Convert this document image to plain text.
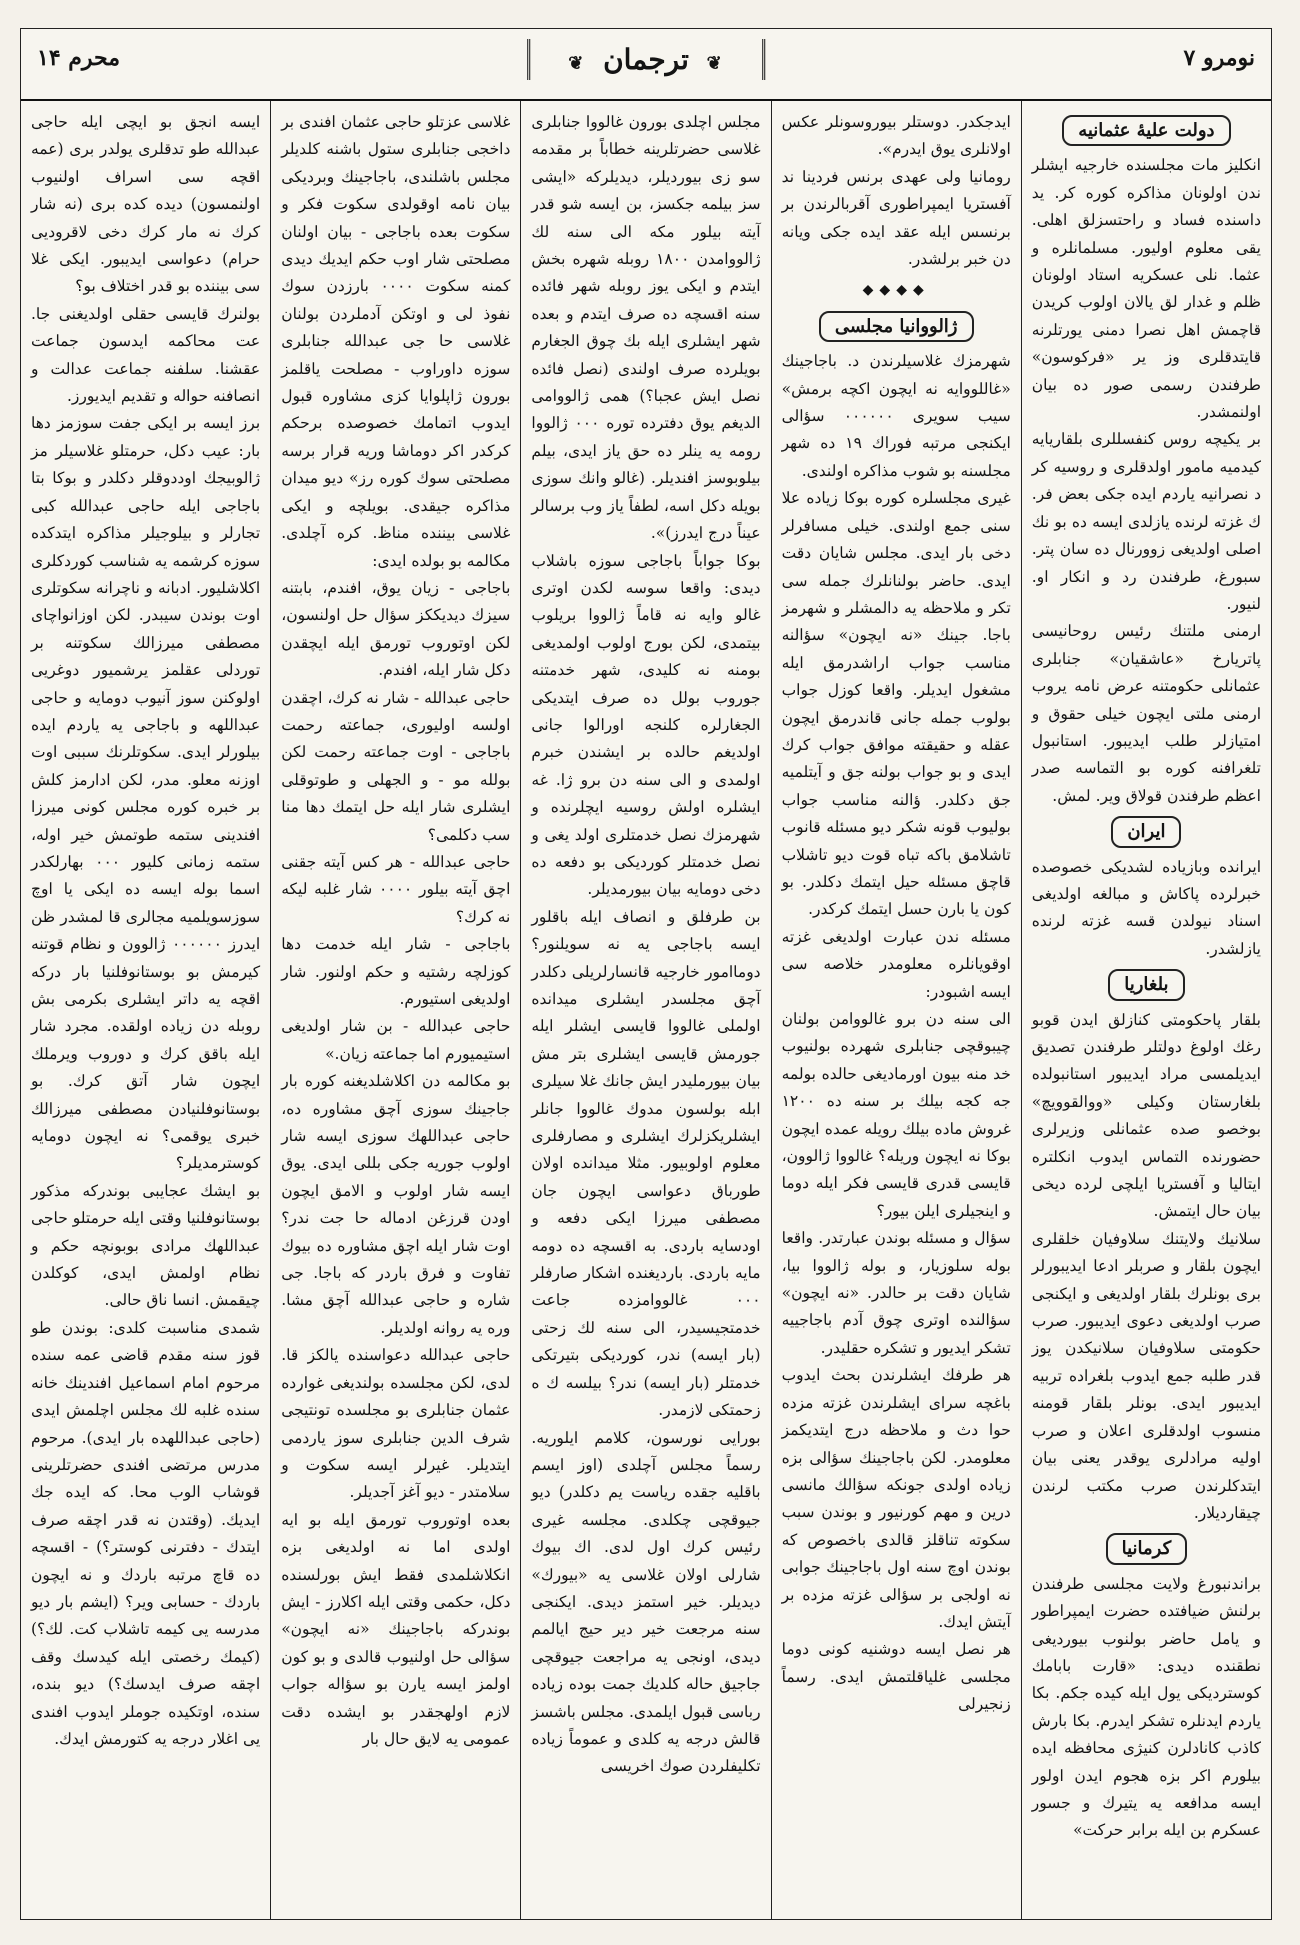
نومرو ۷
❦ ترجمان ❦
۱۴ محرم
دولت علیهٔ عثمانیه

انکلیز مات مجلسنده خارجیه ایشلر ندن اولونان مذاکره کوره کر. ید داسنده فساد و راحتسزلق اهلی. یقی معلوم اولیور. مسلمانلره و عثما. نلی عسکریه استاد اولونان ظلم و غدار لق یالان اولوب کریدن قاچمش اهل نصرا دمنی یورتلرنه قایتدقلری وز یر «فرکوسون» طرفندن رسمی صور ده بیان اولنمشدر.

بر یکیچه روس کنفسللری بلقاریایه کیدمیه مامور اولدقلری و روسیه کر د نصرانیه یاردم ایده جکی بعض فر. ك غزته لرنده یازلدی ایسه ده بو نك اصلی اولدیغی زوورنال ده سان پتر. سبورغ، طرفندن رد و انکار او. لنیور.

ارمنی ملتنك رئیس روحانیسی پاتریارخ «عاشقیان» جنابلری عثمانلی حکومتنه عرض نامه یروب ارمنی ملتی ایچون خیلی حقوق و امتیازلر طلب ایدیبور. استانبول تلغرافنه کوره بو التماسه صدر اعظم طرفندن قولاق ویر. لمش.

ایران

ایرانده وبازیاده لشدیکی خصوصده خبرلرده پاکاش و مبالغه اولدیغی اسناد نیولدن قسه غزته لرنده یازلشدر.

بلغاریا

بلقار پاحکومتی کنازلق ایدن قوبو رغك اولوغ دولتلر طرفندن تصدیق ایدیلمسی مراد ایدیبور استانبولده بلغارستان وکیلی «ووالقوویچ» بوخصو صده عثمانلی وزیرلری حضورنده التماس ایدوب انکلتره ایتالیا و آفستریا ایلچی لرده دیخی بیان حال ایتمش.

سلانیك ولایتنك سلاوفیان خلقلری ایچون بلقار و صربلر ادعا ایدیبورلر بری بونلرك بلقار اولدیغی و ایکنجی صرب اولدیغی دعوی ایدیبور. صرب حکومتی سلاوفیان سلانیکدن یوز قدر طلبه جمع ایدوب بلغراده تربیه ایدیبور ایدی. بونلر بلقار قومنه منسوب اولدقلری اعلان و صرب اولیه مرادلری یوقدر یعنی بیان ایتدکلرندن صرب مکتب لرندن چیقاردیلار.

کرمانیا

براندنبورغ ولایت مجلسی طرفندن برلنش ضیافتده حضرت ایمپراطور و یامل حاضر بولنوب بیوردیغی نطقنده دیدی: «قارت بابامك کوستردیکی یول ایله کیده جکم. بکا یاردم ایدنلره تشکر ایدرم. بکا بارش کاذب کانادلرن کنیژی محافظه ایده بیلورم اکر بزه هجوم ایدن اولور ایسه مدافعه یه یتیرك و جسور عسکرم بن ایله برابر حرکت»

ایدجکدر. دوستلر بیوروسونلر عکس اولانلری یوق ایدرم».

رومانیا ولی عهدی برنس فردینا ند آفستریا ایمپراطوری آقربالرندن بر برنسس ایله عقد ایده جکی ویانه دن خبر برلشدر.

◆◆◆◆
ژالووانیا مجلسی

شهرمزك غلاسیلرندن د. باجاجینك «غاللووایه نه ایچون اکچه برمش» سیب سویری ۰۰۰۰۰۰ سؤالی ایکنجی مرتبه فوراك ۱۹ ده شهر مجلسنه بو شوب مذاکره اولندی.

غیری مجلسلره کوره بوکا زیاده علا سنی جمع اولندی. خیلی مسافرلر دخی بار ایدی. مجلس شایان دقت ایدی. حاضر بولنانلرك جمله سی تکر و ملاحظه یه دالمشلر و شهرمز باجا. جینك «نه ایچون» سؤالنه مناسب جواب اراشدرمق ایله مشغول ایدیلر. واقعا کوزل جواب بولوب جمله جانی قاندرمق ایچون عقله و حقیقته موافق جواب کرك ایدی و بو جواب بولنه جق و آیتلمیه جق دکلدر. ؤالنه مناسب جواب بولیوب قونه شکر دیو مسئله قانوب تاشلامق باکه تباه قوت دیو تاشلاب قاچق مسئله حیل ایتمك دکلدر. بو کون یا بارن حسل ایتمك کرکدر.

مسئله ندن عبارت اولدیغی غزته اوقویانلره معلومدر خلاصه سی ایسه اشبودر:

الی سنه دن برو غالووامن بولنان چیبوقچی جنابلری شهرده بولنیوب خد منه بیون اورمادیغی حالده بولمه جه کجه بیلك بر سنه ده ۱۲۰۰ غروش ماده بیلك رویله عمده ایچون بوکا نه ایچون وریله؟ غالووا ژالوون، قایسی قدری قایسی فکر ایله دوما و اینجیلری ایلن بیور؟

سؤال و مسئله بوندن عبارتدر. واقعا بوله سلوزیار، و بوله ژالووا بیا، شایان دقت بر حالدر. «نه ایچون» سؤالنده اوتری چوق آدم باجاجییه تشکر ایدیور و تشکره حقلیدر.

هر طرفك ایشلرندن بحث ایدوب باغچه سرای ایشلرندن غزته مزده حوا دث و ملاحظه درج ایتدیکمز معلومدر. لکن باجاجینك سؤالی بزه زیاده اولدی جونکه سؤالك مانسی درین و مهم کورنیور و بوندن سبب سکوته تناقلز قالدی باخصوص که بوندن اوچ سنه اول باجاجینك جوابی نه اولجی بر سؤالی غزته مزده بر آیتش ایدك.

هر نصل ایسه دوشنیه کونی دوما مجلسی غلیاقلتمش ایدی. رسماً زنجیرلی

مجلس اچلدی بورون غالووا جنابلری غلاسی حضرتلرینه خطاباً بر مقدمه سو زی بیوردیلر، دیدیلرکه «ایشی سز بیلمه جکسز، بن ایسه شو قدر آیته بیلور مکه الی سنه لك ژالووامدن ۱۸۰۰ روبله شهره بخش ایتدم و ایکی یوز روبله شهر فائده سنه اقسچه ده صرف ایتدم و بعده شهر ایشلری ایله بك چوق الجغارم بویلرده صرف اولندی (نصل فائده نصل ایش عجبا؟) همی ژالووامی الدیغم یوق دفترده توره ۰۰۰ ژالووا رومه یه ینلر ده حق یاز ایدی، بیلم بیلوبوسز افندیلر. (غالو وانك سوزی بویله دکل اسه، لطفاً یاز وب برسالر عیناً درج ایدرز)».

بوکا جواباً باجاجی سوزه باشلاب دیدی: واقعا سوسه لکدن اوتری غالو وایه نه قاماً ژالووا بریلوب بیتمدی، لکن بورج اولوب اولمدیغی بومنه نه کلیدی، شهر خدمتنه جوروب بولل ده صرف ایتدیکی الجغارلره کلنجه اورالوا جانی اولدیغم حالده بر ایشندن خبرم اولمدی و الی سنه دن برو ژا. غه ایشلره اولش روسیه ایچلرنده و شهرمزك نصل خدمتلری اولد یغی و نصل خدمتلر کوردیکی بو دفعه ده دخی دومایه بیان بیورمدیلر.

بن طرفلق و انصاف ایله باقلور ایسه باجاجی یه نه سویلنور؟ دوماامور خارجیه قانسارلریلی دکلدر آچق مجلسدر ایشلری میدانده اولملی غالووا قایسی ایشلر ایله جورمش قایسی ایشلری بتر مش بیان بیورملیدر ایش جانك غلا سیلری ابله بولسون مدوك غالووا جانلر ایشلریکزلرك ایشلری و مصارفلری معلوم اولوبیور. مثلا میدانده اولان طورباق دعواسی ایچون جان مصطفی میرزا ایکی دفعه و اودسایه باردی. به اقسچه ده دومه مایه باردی. باردیغنده اشکار صارفلر ۰۰۰ غالووامزده جاعت خدمتجیسیدر، الی سنه لك زحتی (بار ایسه) ندر، کوردیکی بتیرتکی خدمتلر (بار ایسه) ندر؟ بیلسه ك ه زحمتكی لازمدر.

بورایی نورسون، کلامم ایلوریه. رسماً مجلس آچلدی (اوز ایسم باقلیه جقده ریاست یم دکلدر) دیو جیوقچی چکلدی. مجلسه غیری رئیس کرك اول لدی. اك بیوك شارلی اولان غلاسی یه «بیورك» دیدیلر. خیر استمز دیدی. ایکنجی سنه مرجعت خیر دیر حیج ایالمم دیدی، اونجی یه مراجعت جیوقچی جاجیق حاله کلدیك جمت بوده زیاده رباسی قبول ایلمدی. مجلس باشسز قالش درجه یه کلدی و عموماً زیاده تکلیفلردن صوك اخریسی

غلاسی عزتلو حاجی عثمان افندی بر داخجی جنابلری ستول باشنه کلدیلر مجلس باشلندی، باجاجینك وبردیکی بیان نامه اوقولدی سکوت فکر و سکوت بعده باجاجی - بیان اولنان مصلحتی شار اوب حکم ایدیك دیدی کمنه سکوت ۰۰۰۰ بارزدن سوك نفوذ لی و اوتکن آدملردن بولنان غلاسی حا جی عبدالله جنابلری سوزه داوراوب - مصلحت یاقلمز بورون ژاپلوایا کزی مشاوره قبول ایدوب اتمامك خصوصده برحکم کرکدر اکر دوماشا وریه قرار برسه مصلحتی سوك کوره رز» دیو میدان مذاکره جیقدی. بویلچه و ایکی غلاسی بیننده مناظ. كره آچلدی. مکالمه بو بولده ایدی:

باجاجی - زیان یوق، افندم، بابتنه سیزك دیدیککز سؤال حل اولنسون، لکن اوتوروب تورمق ایله ایچقدن دکل شار ایله، افندم.

حاجی عبدالله - شار نه کرك، اچقدن اولسه اولیوری، جماعته رحمت باجاجی - اوت جماعته رحمت لکن بولله مو - و الجهلی و طوتوقلی ایشلری شار ایله حل ایتمك دها منا سب دکلمی؟

حاجی عبدالله - هر کس آیته جقنی اچق آیته بیلور ۰۰۰۰ شار غلبه لیکه نه کرك؟

باجاجی - شار ایله خدمت دها کوزلچه رشتیه و حکم اولنور. شار اولدیغی استیورم.

حاجی عبدالله - بن شار اولدیغی استیمیورم اما جماعته زیان.»

بو مکالمه دن اکلاشلدیغنه کوره بار جاجینك سوزی آچق مشاوره ده، حاجی عبداللهك سوزی ایسه شار اولوب جوریه جکی بللی ایدی. یوق ایسه شار اولوب و الامق ایچون اودن قرزغن ادماله حا جت ندر؟ اوت شار ایله اچق مشاوره ده بیوك تفاوت و فرق باردر که باجا. جی شاره و حاجی عبدالله آچق مشا. وره یه روانه اولدیلر.

حاجی عبدالله دعواسنده یالکز قا. لدی، لکن مجلسده بولندیغی غوارده عثمان جنابلری بو مجلسده تونتیجی شرف الدین جنابلری سوز یاردمی ایتدیلر. غیرلر ایسه سکوت و سلامتدر - دیو آغز آجدیلر.

بعده اوتوروب تورمق ایله بو ایه اولدی اما نه اولدیغی بزه انکلاشلمدی فقط ایش بورلسنده دکل، حکمی وقتی ایله اکلارز - ایش بوندرکه باجاجینك «نه ایچون» سؤالی حل اولنیوب قالدی و بو کون اولمز ایسه یارن بو سؤاله جواب لازم اولهجقدر بو ایشده دقت عمومی یه لایق حال بار

ایسه انجق بو ایچی ایله حاجی عبدالله طو تدقلری یولدر بری (عمه اقچه سی اسراف اولنیوب اولنمسون) دیده کده بری (نه شار کرك نه مار کرك دخی لاقرودیی حرام) دعواسی ایدیبور. ایکی غلا سی بیننده بو قدر اختلاف بو؟

بولنرك قایسی حقلی اولدیغنی جا. عت محاکمه ایدسون جماعت عقشنا. سلفنه جماعت عدالت و انصافنه حواله و تقدیم ایدیورز.

برز ایسه بر ایکی جفت سوزمز دها بار: عیب دکل، حرمتلو غلاسیلر مز ژالوبیجك اوددوقلر دکلدر و بوکا بتا باجاجی ایله حاجی عبدالله کبی تجارلر و بیلوجیلر مذاکره ایتدکده سوزه کرشمه یه شناسب کوردکلری اکلاشلیور. ادبانه و ناچرانه سکوتلری اوت بوندن سیبدر. لکن اوزانواچای مصطفی میرزالك سکوتنه بر توردلی عقلمز یرشمیور دوغریی اولوکنن سوز آنیوب دومایه و حاجی عبداللهه و باجاجی یه یاردم ایده بیلورلر ایدی. سکوتلرنك سببی اوت اوزنه معلو. مدر، لکن ادارمز کلش بر خبره کوره مجلس کونی میرزا افندینی ستمه طوتمش خیر اوله، ستمه زمانی کلیور ۰۰۰ بهارلکدر اسما بوله ایسه ده ایکی یا اوچ سوزسویلمیه مجالری قا لمشدر ظن ایدرز ۰۰۰۰۰۰ ژالوون و نظام قوتنه کیرمش بو بوستانوفلنیا بار درکه اقچه یه داتر ایشلری بکرمی بش روبله دن زیاده اولقده. مجرد شار ایله باقق کرك و دوروب ویرملك ایچون شار آتق کرك. بو بوستانوفلنیادن مصطفی میرزالك خبری یوقمی؟ نه ایچون دومایه کوسترمدیلر؟

بو ایشك عجایبی بوندرکه مذکور بوستانوفلنیا وقتی ایله حرمتلو حاجی عبداللهك مرادی بوبونچه حکم و نظام اولمش ایدی، کوکلدن چیقمش. انسا ناق حالی.

شمدی مناسبت کلدی: بوندن طو قوز سنه مقدم قاضی عمه سنده مرحوم امام اسماعیل افندینك خانه سنده غلبه لك مجلس اچلمش ایدی (حاجی عبداللهده بار ایدی). مرحوم مدرس مرتضی افندی حضرتلرینی قوشاب الوب محا. که ایده جك ایدیك. (وقتدن نه قدر اچقه صرف ایتدك - دفترنی کوستر؟) - اقسچه ده قاچ مرتبه باردك و نه ایچون باردك - حسابی ویر؟ (ایشم بار دیو مدرسه یی کیمه تاشلاب کت. لك؟) (کیمك رخصتی ایله کیدسك وقف اچقه صرف ایدسك؟) دیو بنده، سنده، اوتکیده جوملر ایدوب افندی یی اغلار درجه یه کتورمش ایدك.
